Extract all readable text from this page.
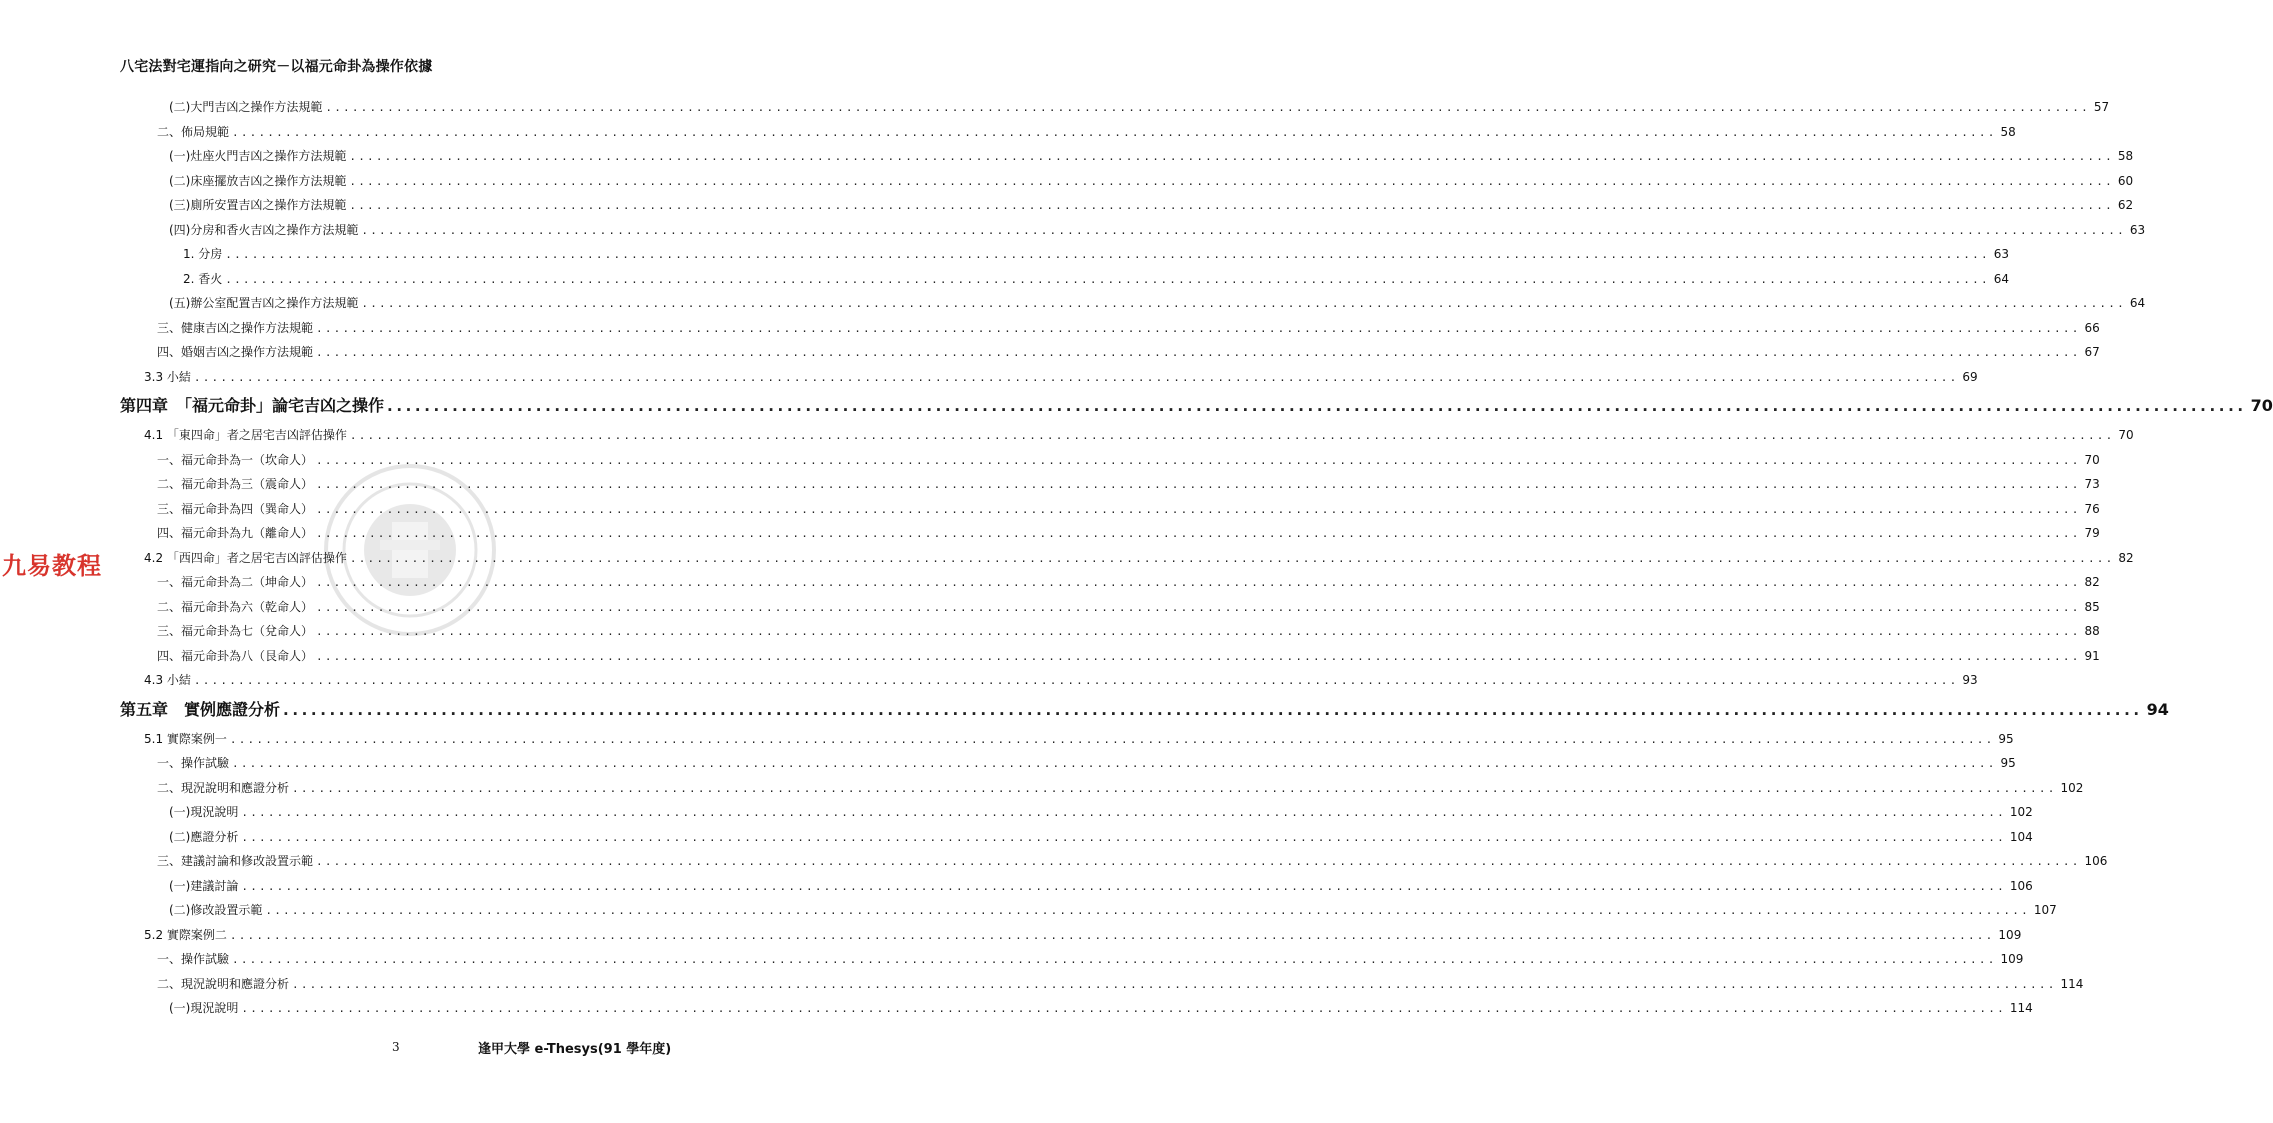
八宅法對宅運指向之研究－以福元命卦為操作依據
(二)大門吉凶之操作方法規範 ........................................................................................................................................................................................................ 57
二、佈局規範 ........................................................................................................................................................................................................ 58
(一)灶座火門吉凶之操作方法規範 ........................................................................................................................................................................................................ 58
(二)床座擺放吉凶之操作方法規範 ........................................................................................................................................................................................................ 60
(三)廁所安置吉凶之操作方法規範 ........................................................................................................................................................................................................ 62
(四)分房和香火吉凶之操作方法規範 ........................................................................................................................................................................................................ 63
1. 分房 ........................................................................................................................................................................................................ 63
2. 香火 ........................................................................................................................................................................................................ 64
(五)辦公室配置吉凶之操作方法規範 ........................................................................................................................................................................................................ 64
三、健康吉凶之操作方法規範 ........................................................................................................................................................................................................ 66
四、婚姻吉凶之操作方法規範 ........................................................................................................................................................................................................ 67
3.3 小結 ........................................................................................................................................................................................................ 69
第四章　「福元命卦」論宅吉凶之操作 ........................................................................................................................................................................................................ 70
4.1 「東四命」者之居宅吉凶評估操作 ........................................................................................................................................................................................................ 70
一、福元命卦為一（坎命人） ........................................................................................................................................................................................................ 70
二、福元命卦為三（震命人） ........................................................................................................................................................................................................ 73
三、福元命卦為四（巽命人） ........................................................................................................................................................................................................ 76
四、福元命卦為九（離命人） ........................................................................................................................................................................................................ 79
4.2 「西四命」者之居宅吉凶評估操作 ........................................................................................................................................................................................................ 82
一、福元命卦為二（坤命人） ........................................................................................................................................................................................................ 82
二、福元命卦為六（乾命人） ........................................................................................................................................................................................................ 85
三、福元命卦為七（兌命人） ........................................................................................................................................................................................................ 88
四、福元命卦為八（艮命人） ........................................................................................................................................................................................................ 91
4.3 小結 ........................................................................................................................................................................................................ 93
第五章　實例應證分析 ........................................................................................................................................................................................................ 94
5.1 實際案例一 ........................................................................................................................................................................................................ 95
一、操作試驗 ........................................................................................................................................................................................................ 95
二、現況說明和應證分析 ........................................................................................................................................................................................................ 102
(一)現況說明 ........................................................................................................................................................................................................ 102
(二)應證分析 ........................................................................................................................................................................................................ 104
三、建議討論和修改設置示範 ........................................................................................................................................................................................................ 106
(一)建議討論 ........................................................................................................................................................................................................ 106
(二)修改設置示範 ........................................................................................................................................................................................................ 107
5.2 實際案例二 ........................................................................................................................................................................................................ 109
一、操作試驗 ........................................................................................................................................................................................................ 109
二、現況說明和應證分析 ........................................................................................................................................................................................................ 114
(一)現況說明 ........................................................................................................................................................................................................ 114
九易教程
3	逢甲大學 e-Thesys(91 學年度)
